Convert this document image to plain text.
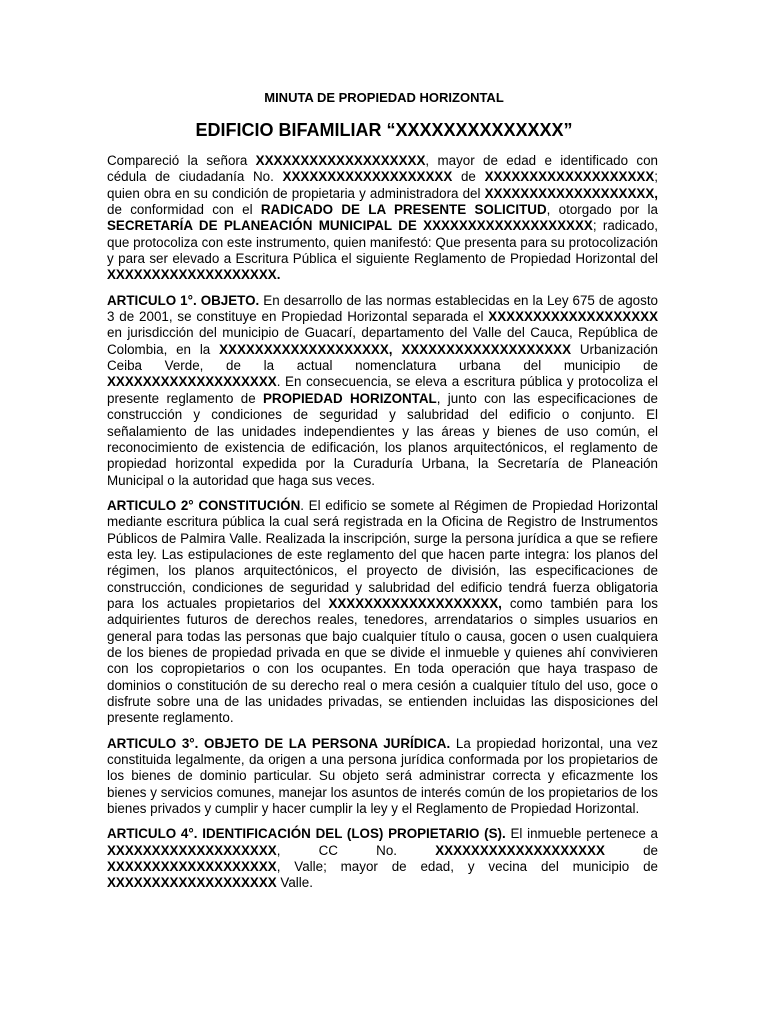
MINUTA DE PROPIEDAD HORIZONTAL
EDIFICIO BIFAMILIAR “XXXXXXXXXXXXXX”

Compareció la señora XXXXXXXXXXXXXXXXXXX, mayor de edad e identificado con cédula de ciudadanía No. XXXXXXXXXXXXXXXXXXX de XXXXXXXXXXXXXXXXXXX; quien obra en su condición de propietaria y administradora del XXXXXXXXXXXXXXXXXXX, de conformidad con el RADICADO DE LA PRESENTE SOLICITUD, otorgado por la SECRETARÍA DE PLANEACIÓN MUNICIPAL DE XXXXXXXXXXXXXXXXXXX; radicado, que protocoliza con este instrumento, quien manifestó: Que presenta para su protocolización y para ser elevado a Escritura Pública el siguiente Reglamento de Propiedad Horizontal del XXXXXXXXXXXXXXXXXXX.

ARTICULO 1°. OBJETO. En desarrollo de las normas establecidas en la Ley 675 de agosto 3 de 2001, se constituye en Propiedad Horizontal separada el XXXXXXXXXXXXXXXXXXX en jurisdicción del municipio de Guacarí, departamento del Valle del Cauca, República de Colombia, en la XXXXXXXXXXXXXXXXXXX, XXXXXXXXXXXXXXXXXXX Urbanización Ceiba Verde, de la actual nomenclatura urbana del municipio de XXXXXXXXXXXXXXXXXXX. En consecuencia, se eleva a escritura pública y protocoliza el presente reglamento de PROPIEDAD HORIZONTAL, junto con las especificaciones de construcción y condiciones de seguridad y salubridad del edificio o conjunto. El señalamiento de las unidades independientes y las áreas y bienes de uso común, el reconocimiento de existencia de edificación, los planos arquitectónicos, el reglamento de propiedad horizontal expedida por la Curaduría Urbana, la Secretaría de Planeación Municipal o la autoridad que haga sus veces.

ARTICULO 2° CONSTITUCIÓN. El edificio se somete al Régimen de Propiedad Horizontal mediante escritura pública la cual será registrada en la Oficina de Registro de Instrumentos Públicos de Palmira Valle. Realizada la inscripción, surge la persona jurídica a que se refiere esta ley. Las estipulaciones de este reglamento del que hacen parte integra: los planos del régimen, los planos arquitectónicos, el proyecto de división, las especificaciones de construcción, condiciones de seguridad y salubridad del edificio tendrá fuerza obligatoria para los actuales propietarios del XXXXXXXXXXXXXXXXXXX, como también para los adquirientes futuros de derechos reales, tenedores, arrendatarios o simples usuarios en general para todas las personas que bajo cualquier título o causa, gocen o usen cualquiera de los bienes de propiedad privada en que se divide el inmueble y quienes ahí convivieren con los copropietarios o con los ocupantes. En toda operación que haya traspaso de dominios o constitución de su derecho real o mera cesión a cualquier título del uso, goce o disfrute sobre una de las unidades privadas, se entienden incluidas las disposiciones del presente reglamento.

ARTICULO 3°. OBJETO DE LA PERSONA JURÍDICA. La propiedad horizontal, una vez constituida legalmente, da origen a una persona jurídica conformada por los propietarios de los bienes de dominio particular. Su objeto será administrar correcta y eficazmente los bienes y servicios comunes, manejar los asuntos de interés común de los propietarios de los bienes privados y cumplir y hacer cumplir la ley y el Reglamento de Propiedad Horizontal.

ARTICULO 4°. IDENTIFICACIÓN DEL (LOS) PROPIETARIO (S). El inmueble pertenece a XXXXXXXXXXXXXXXXXXX, CC No. XXXXXXXXXXXXXXXXXXX de XXXXXXXXXXXXXXXXXXX, Valle; mayor de edad, y vecina del municipio de XXXXXXXXXXXXXXXXXXX Valle.
